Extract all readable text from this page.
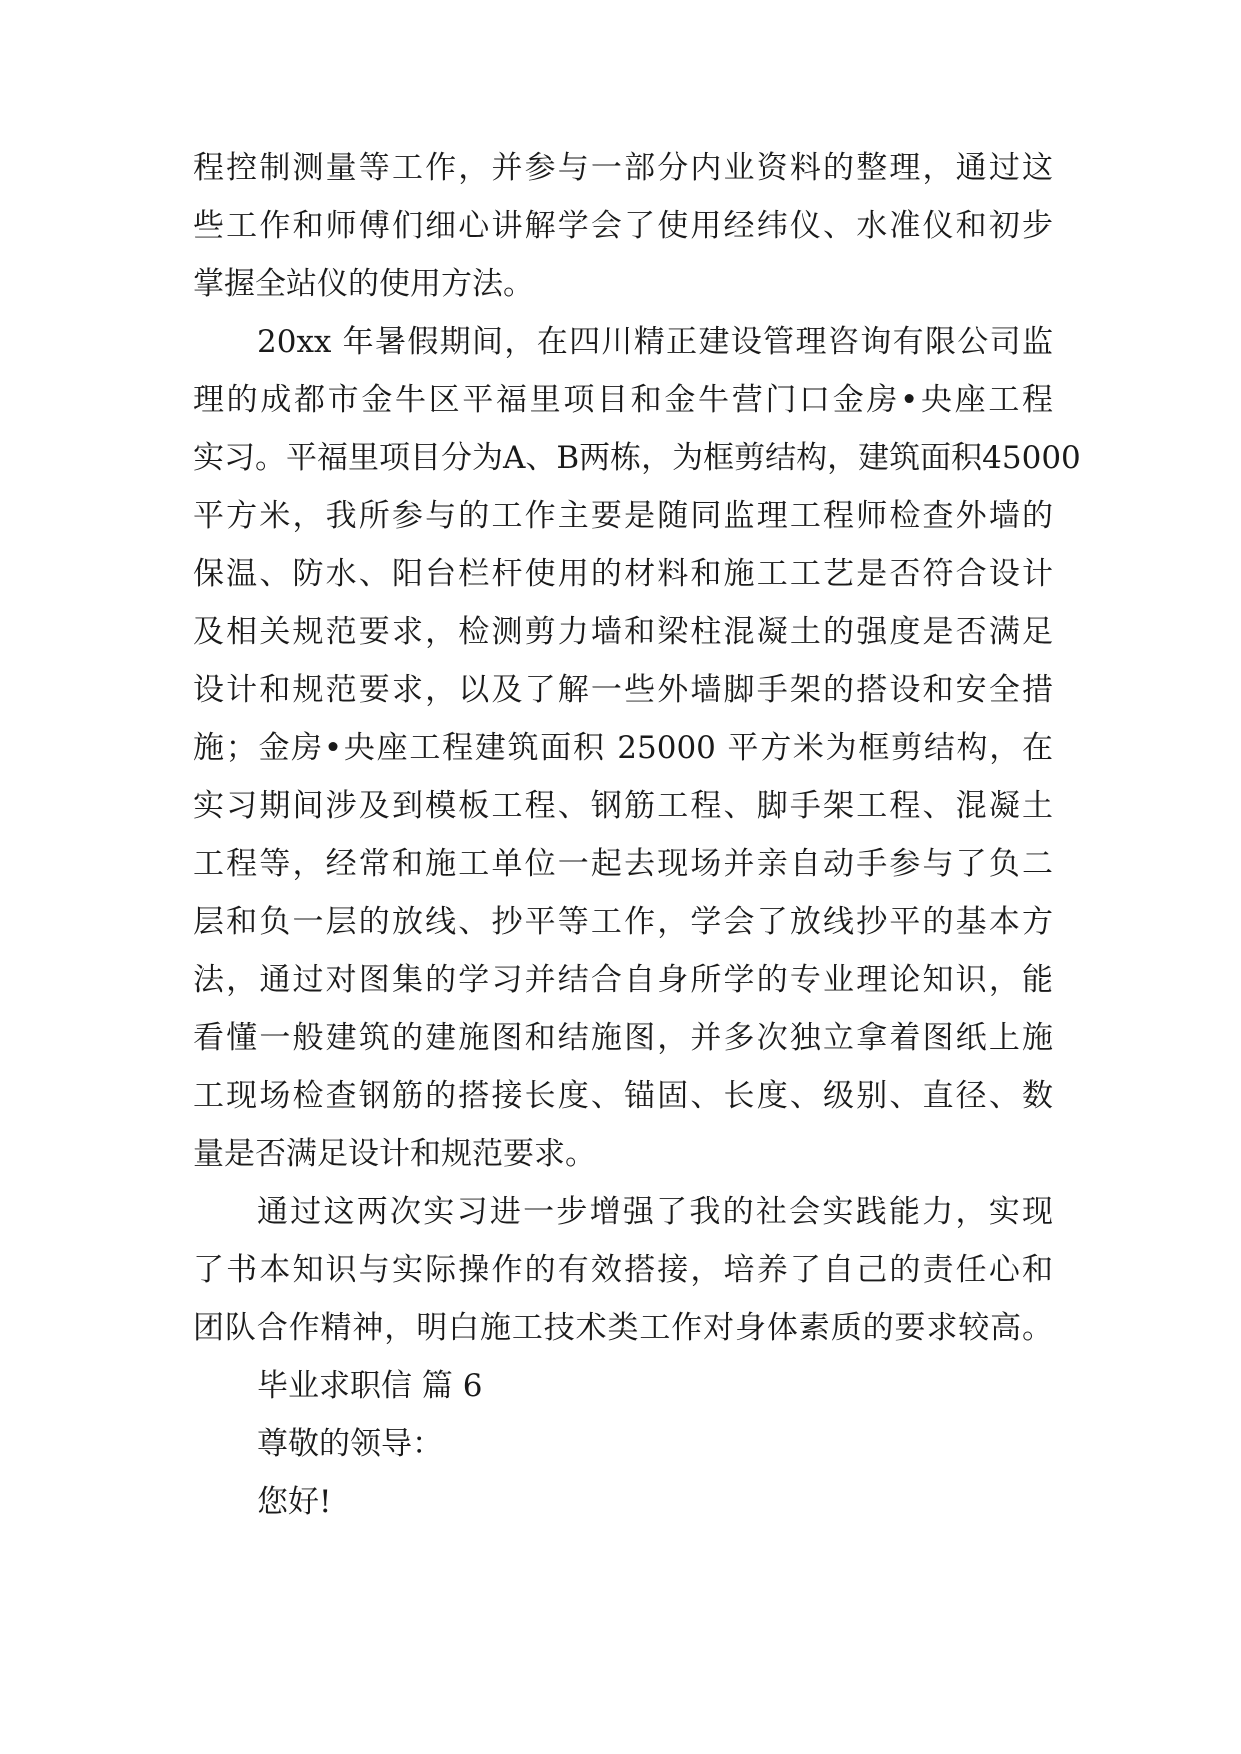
程控制测量等工作，并参与一部分内业资料的整理，通过这
些工作和师傅们细心讲解学会了使用经纬仪、水准仪和初步
掌握全站仪的使用方法。
20xx 年暑假期间，在四川精正建设管理咨询有限公司监
理的成都市金牛区平福里项目和金牛营门口金房•央座工程
实习。平福里项目分为A、B两栋，为框剪结构，建筑面积45000
平方米，我所参与的工作主要是随同监理工程师检查外墙的
保温、防水、阳台栏杆使用的材料和施工工艺是否符合设计
及相关规范要求，检测剪力墙和梁柱混凝土的强度是否满足
设计和规范要求，以及了解一些外墙脚手架的搭设和安全措
施；金房•央座工程建筑面积 25000 平方米为框剪结构，在
实习期间涉及到模板工程、钢筋工程、脚手架工程、混凝土
工程等，经常和施工单位一起去现场并亲自动手参与了负二
层和负一层的放线、抄平等工作，学会了放线抄平的基本方
法，通过对图集的学习并结合自身所学的专业理论知识，能
看懂一般建筑的建施图和结施图，并多次独立拿着图纸上施
工现场检查钢筋的搭接长度、锚固、长度、级别、直径、数
量是否满足设计和规范要求。
通过这两次实习进一步增强了我的社会实践能力，实现
了书本知识与实际操作的有效搭接，培养了自己的责任心和
团队合作精神，明白施工技术类工作对身体素质的要求较高。
毕业求职信 篇 6
尊敬的领导：
您好!
